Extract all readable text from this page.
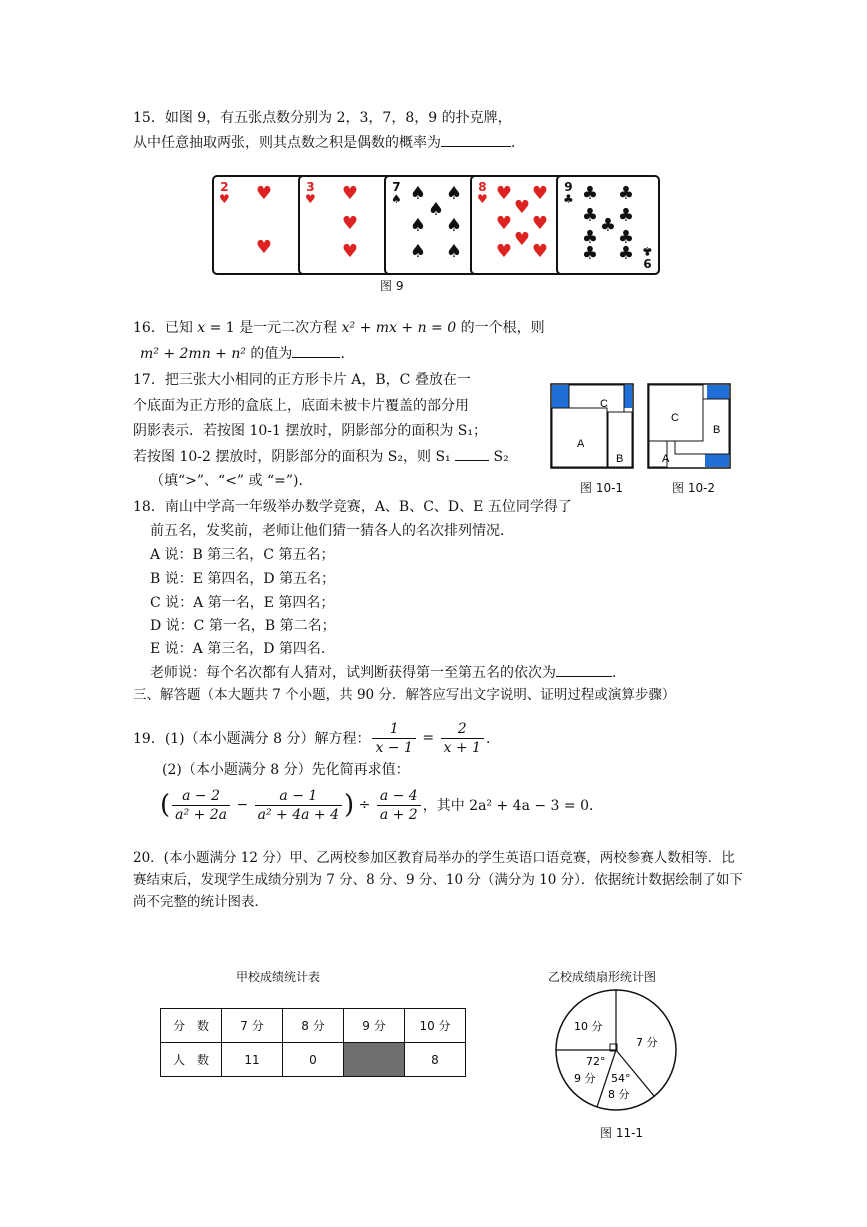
15．如图 9，有五张点数分别为 2，3，7，8，9 的扑克牌，
从中任意抽取两张，则其点数之积是偶数的概率为	．
2
♥ ♥
♥
3
♥ ♥
♥
♥
7
♠ ♠ ♠
♠
♠ ♠
♠ ♠
8
♥ ♥ ♥
♥
♥ ♥
♥
♥ ♥
9
♣
9
♣
♣ ♣
♣ ♣
♣
♣ ♣
♣ ♣
图 9
16．已知 x = 1 是一元二次方程 x² + mx + n = 0 的一个根，则
m² + 2mn + n² 的值为	．
17．把三张大小相同的正方形卡片 A，B，C 叠放在一
个底面为正方形的盒底上，底面未被卡片覆盖的部分用
阴影表示．若按图 10-1 摆放时，阴影部分的面积为 S₁；
若按图 10-2 摆放时，阴影部分的面积为 S₂，则 S₁  S₂
（填“>”、“<” 或 “=”)．
C
A
B
图 10-1
C
B
A
图 10-2
18．南山中学高一年级举办数学竞赛，A、B、C、D、E 五位同学得了
前五名，发奖前，老师让他们猜一猜各人的名次排列情况．
A 说：B 第三名，C 第五名；
B 说：E 第四名，D 第五名；
C 说：A 第一名，E 第四名；
D 说：C 第一名，B 第二名；
E 说：A 第三名，D 第四名．
老师说：每个名次都有人猜对，试判断获得第一至第五名的依次为	．
三、解答题（本大题共 7 个小题，共 90 分．解答应写出文字说明、证明过程或演算步骤）
19．(1)（本小题满分 8 分）解方程： $\frac{1}{x - 1} = \frac{2}{x + 1}$ ．
(2)（本小题满分 8 分）先化简再求值：
( $\frac{a - 2}{\text{a² + 2a}} - \frac{a - 1}{\text{a² + 4a + 4}}$ ) ÷ $\frac{a - 4}{a + 2}$ ，其中 2a² + 4a − 3 = 0．
20．(本小题满分 12 分）甲、乙两校参加区教育局举办的学生英语口语竞赛，两校参赛人数相等．比
赛结束后，发现学生成绩分别为 7 分、8 分、9 分、10 分（满分为 10 分）．依据统计数据绘制了如下
尚不完整的统计图表．
甲校成绩统计表
分　数	7 分	8 分	9 分	10 分
人　数	11	0		8
乙校成绩扇形统计图
10 分
7 分
72°
9 分 54°
8 分
图 11-1
